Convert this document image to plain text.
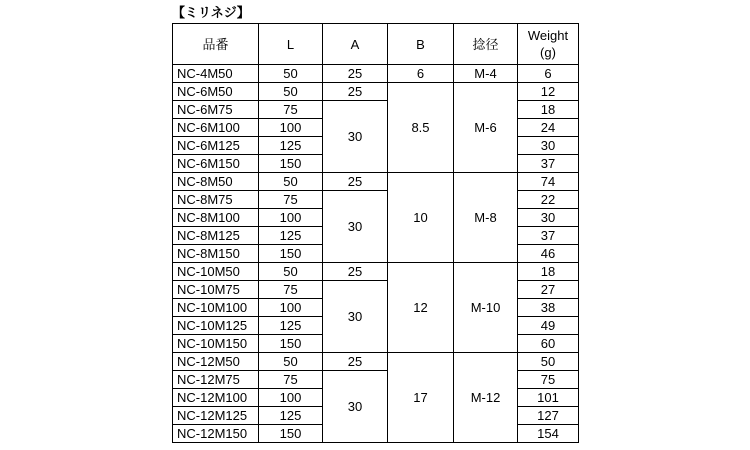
【ミリネジ】
品番	L	A	B	捻径	Weight
(g)
NC-4M50	50	25	6	M-4	6
NC-6M50	50	25	8.5	M-6	12
NC-6M75	75	30			18
NC-6M100	100				24
NC-6M125	125				30
NC-6M150	150				37
NC-8M50	50	25	10	M-8	74
NC-8M75	75	30			22
NC-8M100	100				30
NC-8M125	125				37
NC-8M150	150				46
NC-10M50	50	25	12	M-10	18
NC-10M75	75	30			27
NC-10M100	100				38
NC-10M125	125				49
NC-10M150	150				60
NC-12M50	50	25	17	M-12	50
NC-12M75	75	30			75
NC-12M100	100				101
NC-12M125	125				127
NC-12M150	150				154
